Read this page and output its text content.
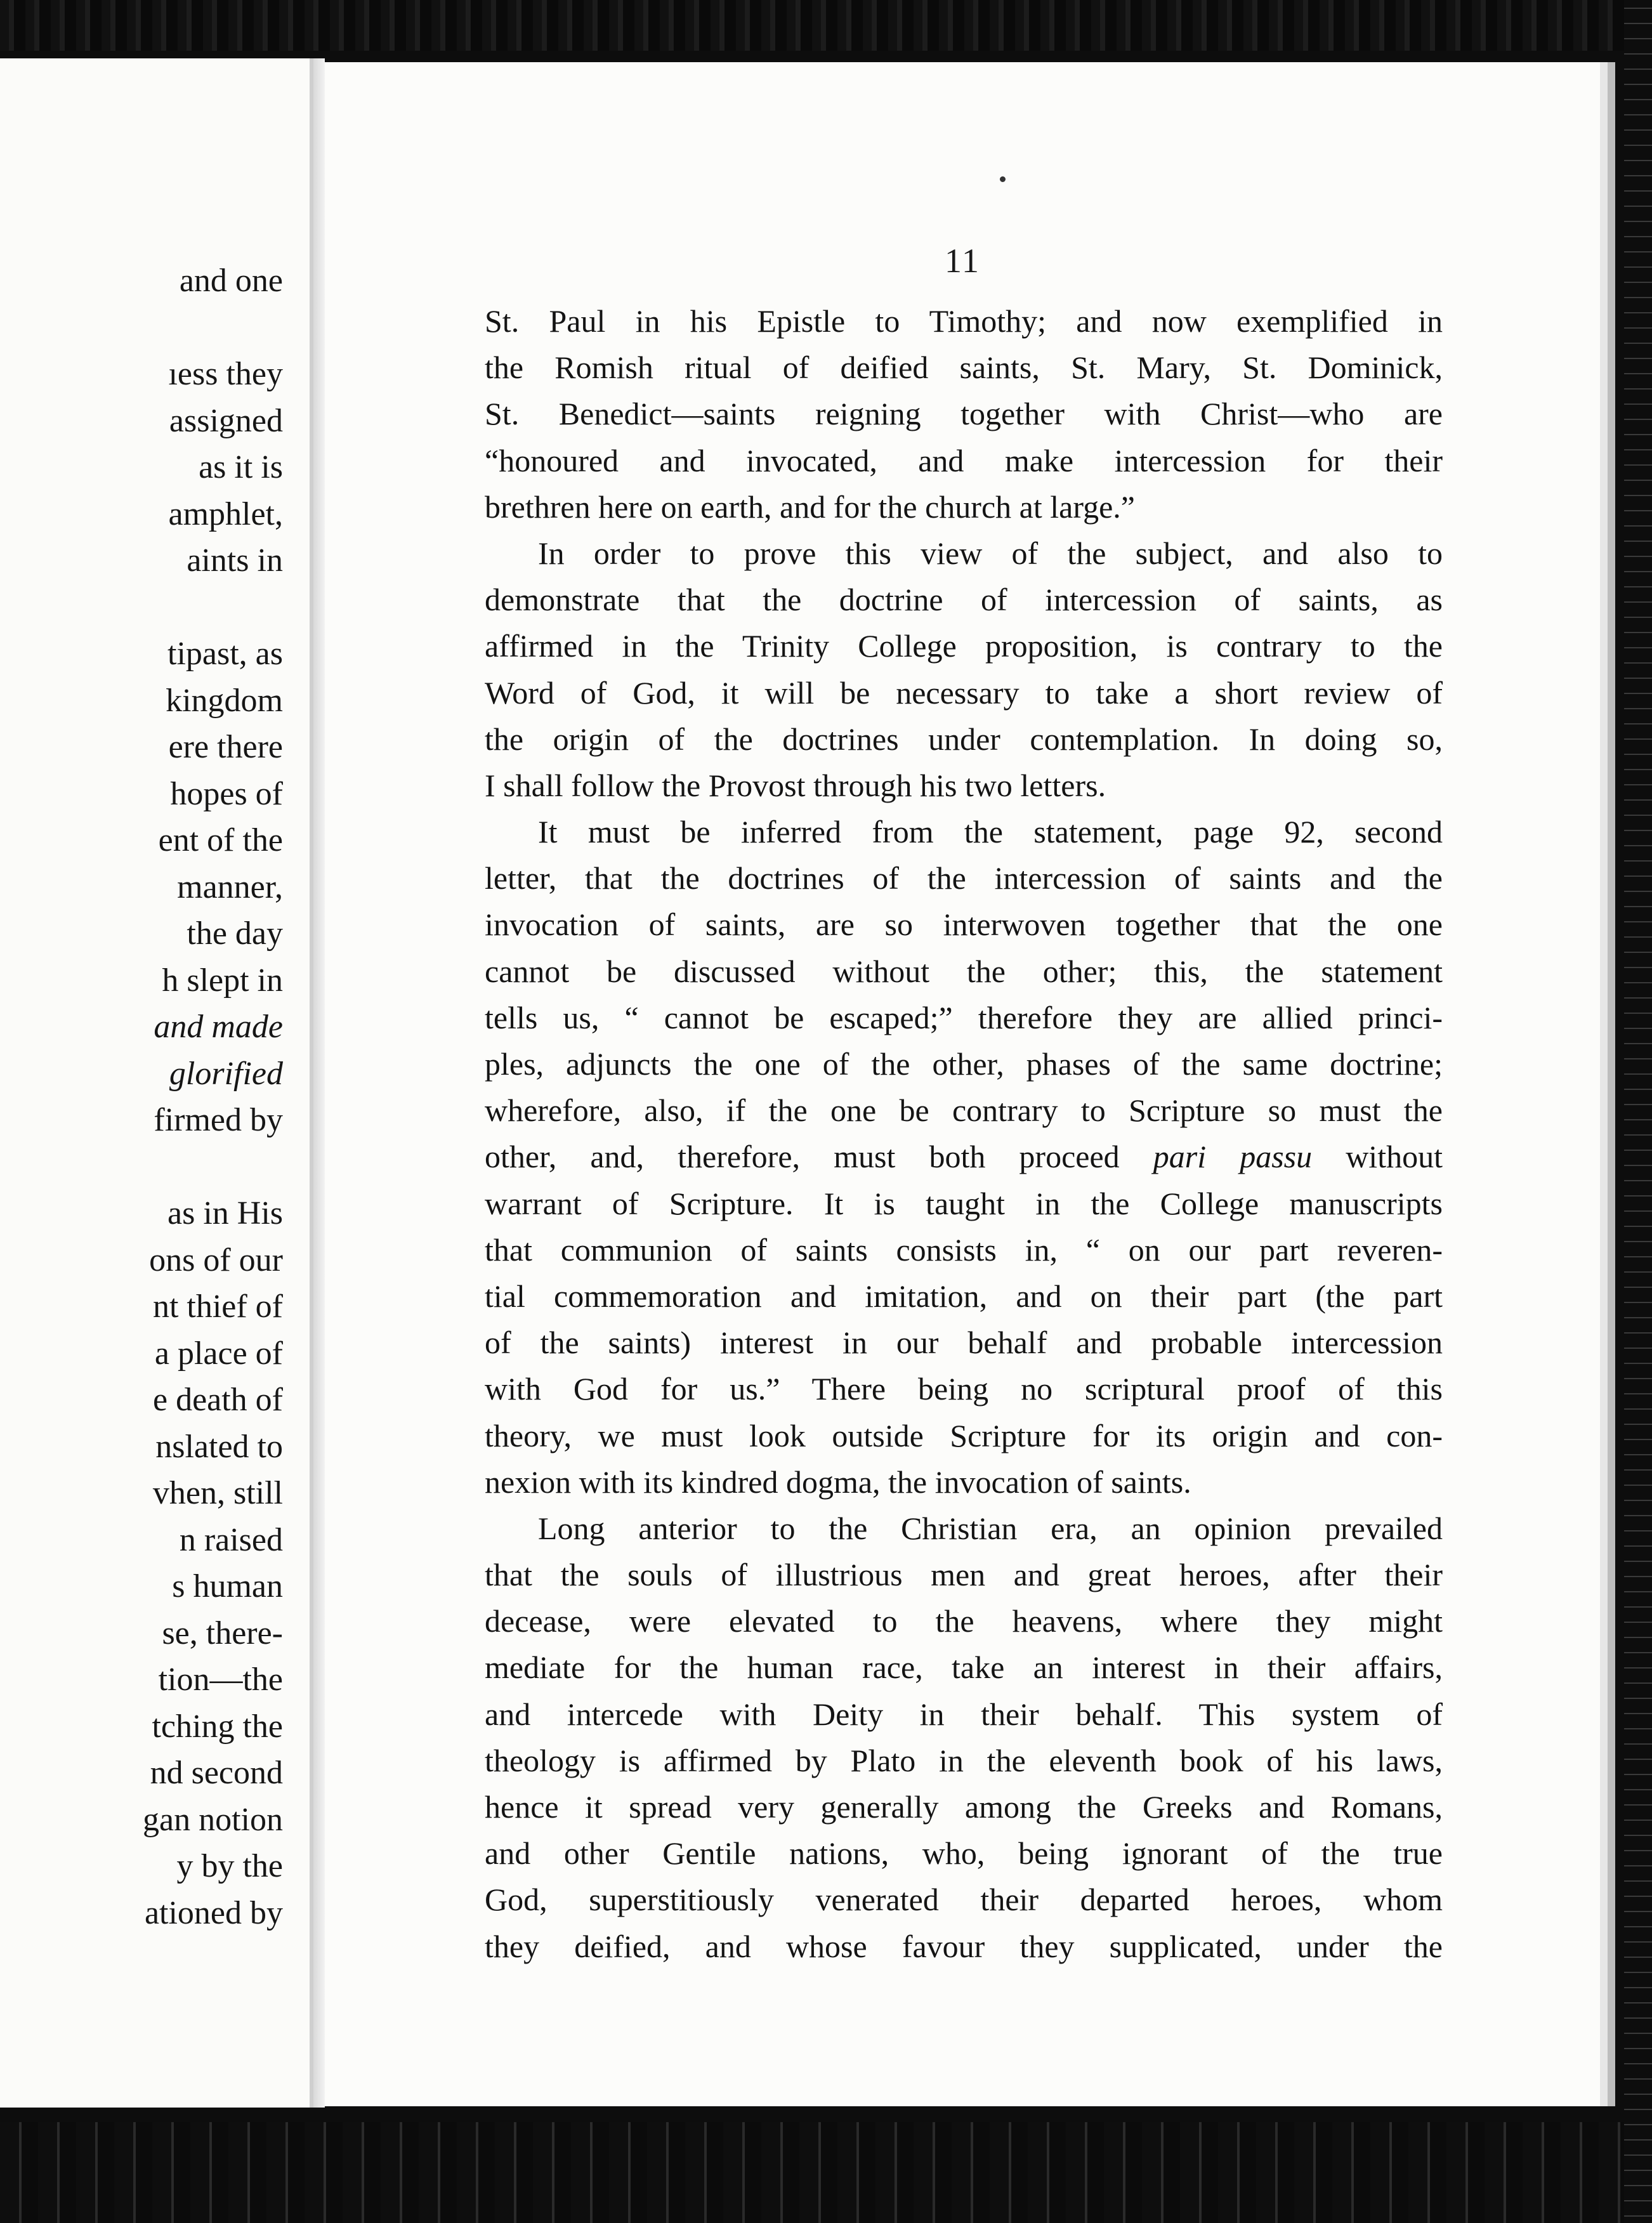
and one
ıess they
assigned
as it is
amphlet,
aints in
tipast, as
kingdom
ere there
hopes of
ent of the
manner,
the day
h slept in
and made
glorified
firmed by
as in His
ons of our
nt thief of
a place of
e death of
nslated to
vhen, still
n raised
s human
se, there-
tion—the
tching the
nd second
gan notion
y by the
ationed by
11
St. Paul in his Epistle to Timothy; and now exemplified in
the Romish ritual of deified saints, St. Mary, St. Dominick,
St. Benedict—saints reigning together with Christ—who are
“honoured and invocated, and make intercession for their
brethren here on earth, and for the church at large.”
In order to prove this view of the subject, and also to
demonstrate that the doctrine of intercession of saints, as
affirmed in the Trinity College proposition, is contrary to the
Word of God, it will be necessary to take a short review of
the origin of the doctrines under contemplation. In doing so,
I shall follow the Provost through his two letters.
It must be inferred from the statement, page 92, second
letter, that the doctrines of the intercession of saints and the
invocation of saints, are so interwoven together that the one
cannot be discussed without the other; this, the statement
tells us, “ cannot be escaped;” therefore they are allied princi-
ples, adjuncts the one of the other, phases of the same doctrine;
wherefore, also, if the one be contrary to Scripture so must the
other, and, therefore, must both proceed pari passu without
warrant of Scripture. It is taught in the College manuscripts
that communion of saints consists in, “ on our part reveren-
tial commemoration and imitation, and on their part (the part
of the saints) interest in our behalf and probable intercession
with God for us.” There being no scriptural proof of this
theory, we must look outside Scripture for its origin and con-
nexion with its kindred dogma, the invocation of saints.
Long anterior to the Christian era, an opinion prevailed
that the souls of illustrious men and great heroes, after their
decease, were elevated to the heavens, where they might
mediate for the human race, take an interest in their affairs,
and intercede with Deity in their behalf. This system of
theology is affirmed by Plato in the eleventh book of his laws,
hence it spread very generally among the Greeks and Romans,
and other Gentile nations, who, being ignorant of the true
God, superstitiously venerated their departed heroes, whom
they deified, and whose favour they supplicated, under the
